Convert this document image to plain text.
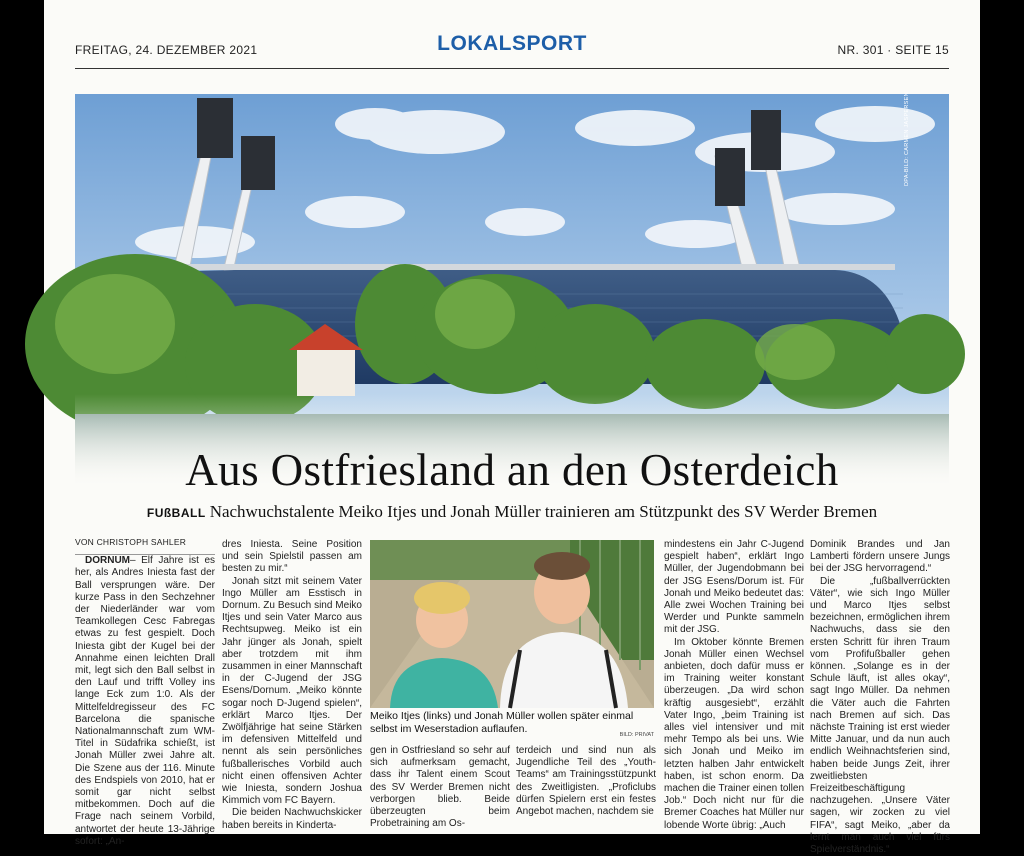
FREITAG, 24. DEZEMBER 2021	LOKALSPORT	NR. 301 · SEITE 15
DPA-BILD: CARMEN JASPERSEN
Aus Ostfriesland an den Osterdeich
FUßBALL Nachwuchstalente Meiko Itjes und Jonah Müller trainieren am Stützpunkt des SV Werder Bremen

VON CHRISTOPH SAHLER

DORNUM– Elf Jahre ist es her, als Andres Iniesta fast der Ball versprungen wäre. Der kurze Pass in den Sechzehner der Niederländer war vom Teamkollegen Cesc Fabregas etwas zu fest gespielt. Doch Iniesta gibt der Kugel bei der Annahme einen leichten Drall mit, legt sich den Ball selbst in den Lauf und trifft Volley ins lange Eck zum 1:0. Als der Mittelfeldregisseur des FC Barcelona die spanische Nationalmannschaft zum WM-Titel in Südafrika schießt, ist Jonah Müller zwei Jahre alt. Die Szene aus der 116. Minute des Endspiels von 2010, hat er somit gar nicht selbst mitbekommen. Doch auf die Frage nach seinem Vorbild, antwortet der heute 13-Jährige sofort: „An-

dres Iniesta. Seine Position und sein Spielstil passen am besten zu mir.“

Jonah sitzt mit seinem Vater Ingo Müller am Esstisch in Dornum. Zu Besuch sind Meiko Itjes und sein Vater Marco aus Rechtsupweg. Meiko ist ein Jahr jünger als Jonah, spielt aber trotzdem mit ihm zusammen in einer Mannschaft in der C-Jugend der JSG Esens/Dornum. „Meiko könnte sogar noch D-Jugend spielen“, erklärt Marco Itjes. Der Zwölfjährige hat seine Stärken im defensiven Mittelfeld und nennt als sein persönliches fußballerisches Vorbild auch nicht einen offensiven Achter wie Iniesta, sondern Joshua Kimmich vom FC Bayern.

Die beiden Nachwuchskicker haben bereits in Kinderta-

Meiko Itjes (links) und Jonah Müller wollen später einmal selbst im Weserstadion auflaufen.	BILD: PRIVAT

gen in Ostfriesland so sehr auf sich aufmerksam gemacht, dass ihr Talent einem Scout des SV Werder Bremen nicht verborgen blieb. Beide überzeugten beim Probetraining am Os-

terdeich und sind nun als Jugendliche Teil des „Youth-Teams“ am Trainingsstützpunkt des Zweitligisten. „Proficlubs dürfen Spielern erst ein festes Angebot machen, nachdem sie

mindestens ein Jahr C-Jugend gespielt haben“, erklärt Ingo Müller, der Jugendobmann bei der JSG Esens/Dorum ist. Für Jonah und Meiko bedeutet das: Alle zwei Wochen Training bei Werder und Punkte sammeln mit der JSG.

Im Oktober könnte Bremen Jonah Müller einen Wechsel anbieten, doch dafür muss er im Training weiter konstant überzeugen. „Da wird schon kräftig ausgesiebt“, erzählt Vater Ingo, „beim Training ist alles viel intensiver und mit mehr Tempo als bei uns. Wie sich Jonah und Meiko im letzten halben Jahr entwickelt haben, ist schon enorm. Da machen die Trainer einen tollen Job.“ Doch nicht nur für die Bremer Coaches hat Müller nur lobende Worte übrig: „Auch

Dominik Brandes und Jan Lamberti fördern unsere Jungs bei der JSG hervorragend.“

Die „fußballverrückten Väter“, wie sich Ingo Müller und Marco Itjes selbst bezeichnen, ermöglichen ihrem Nachwuchs, dass sie den ersten Schritt für ihren Traum vom Profifußballer gehen können. „Solange es in der Schule läuft, ist alles okay“, sagt Ingo Müller. Da nehmen die Väter auch die Fahrten nach Bremen auf sich. Das nächste Training ist erst wieder Mitte Januar, und da nun auch endlich Weihnachtsferien sind, haben beide Jungs Zeit, ihrer zweitliebsten Freizeitbeschäftigung nachzugehen. „Unsere Väter sagen, wir zocken zu viel FIFA“, sagt Meiko, „aber da lernt man auch viel fürs Spielverständnis.“
